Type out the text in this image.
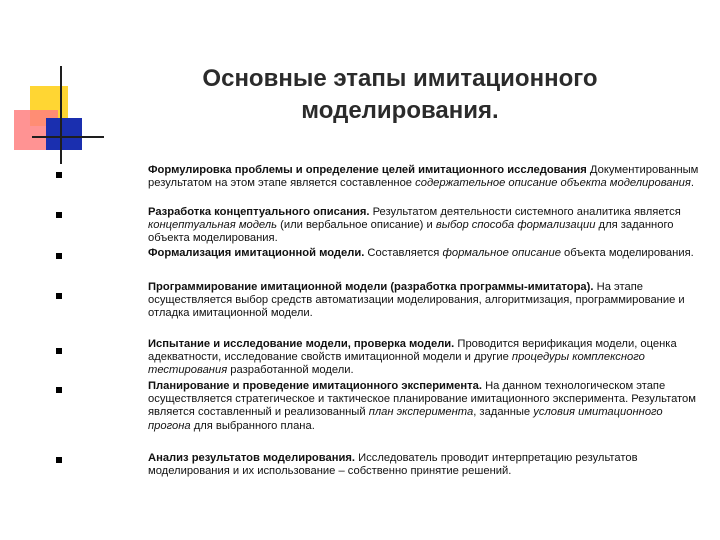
Основные этапы имитационного
моделирования.
Формулировка проблемы и определение целей имитационного исследования Документированным результатом на этом этапе является составленное содержательное описание объекта моделирования.
Разработка концептуального описания. Результатом деятельности системного аналитика является концептуальная модель (или вербальное описание) и выбор способа формализации для заданного объекта моделирования.
Формализация имитационной модели. Составляется формальное описание объекта моделирования.
Программирование имитационной модели (разработка программы-имитатора). На этапе осуществляется выбор средств автоматизации моделирования, алгоритмизация, программирование и отладка имитационной модели.
Испытание и исследование модели, проверка модели. Проводится верификация модели, оценка адекватности, исследование свойств имитационной модели и другие процедуры комплексного тестирования разработанной модели.
Планирование и проведение имитационного эксперимента. На данном технологическом этапе осуществляется стратегическое и тактическое планирование имитационного эксперимента. Результатом является составленный и реализованный план эксперимента, заданные условия имитационного прогона для выбранного плана.
Анализ результатов моделирования. Исследователь проводит интерпретацию результатов моделирования и их использование – собственно принятие решений.
